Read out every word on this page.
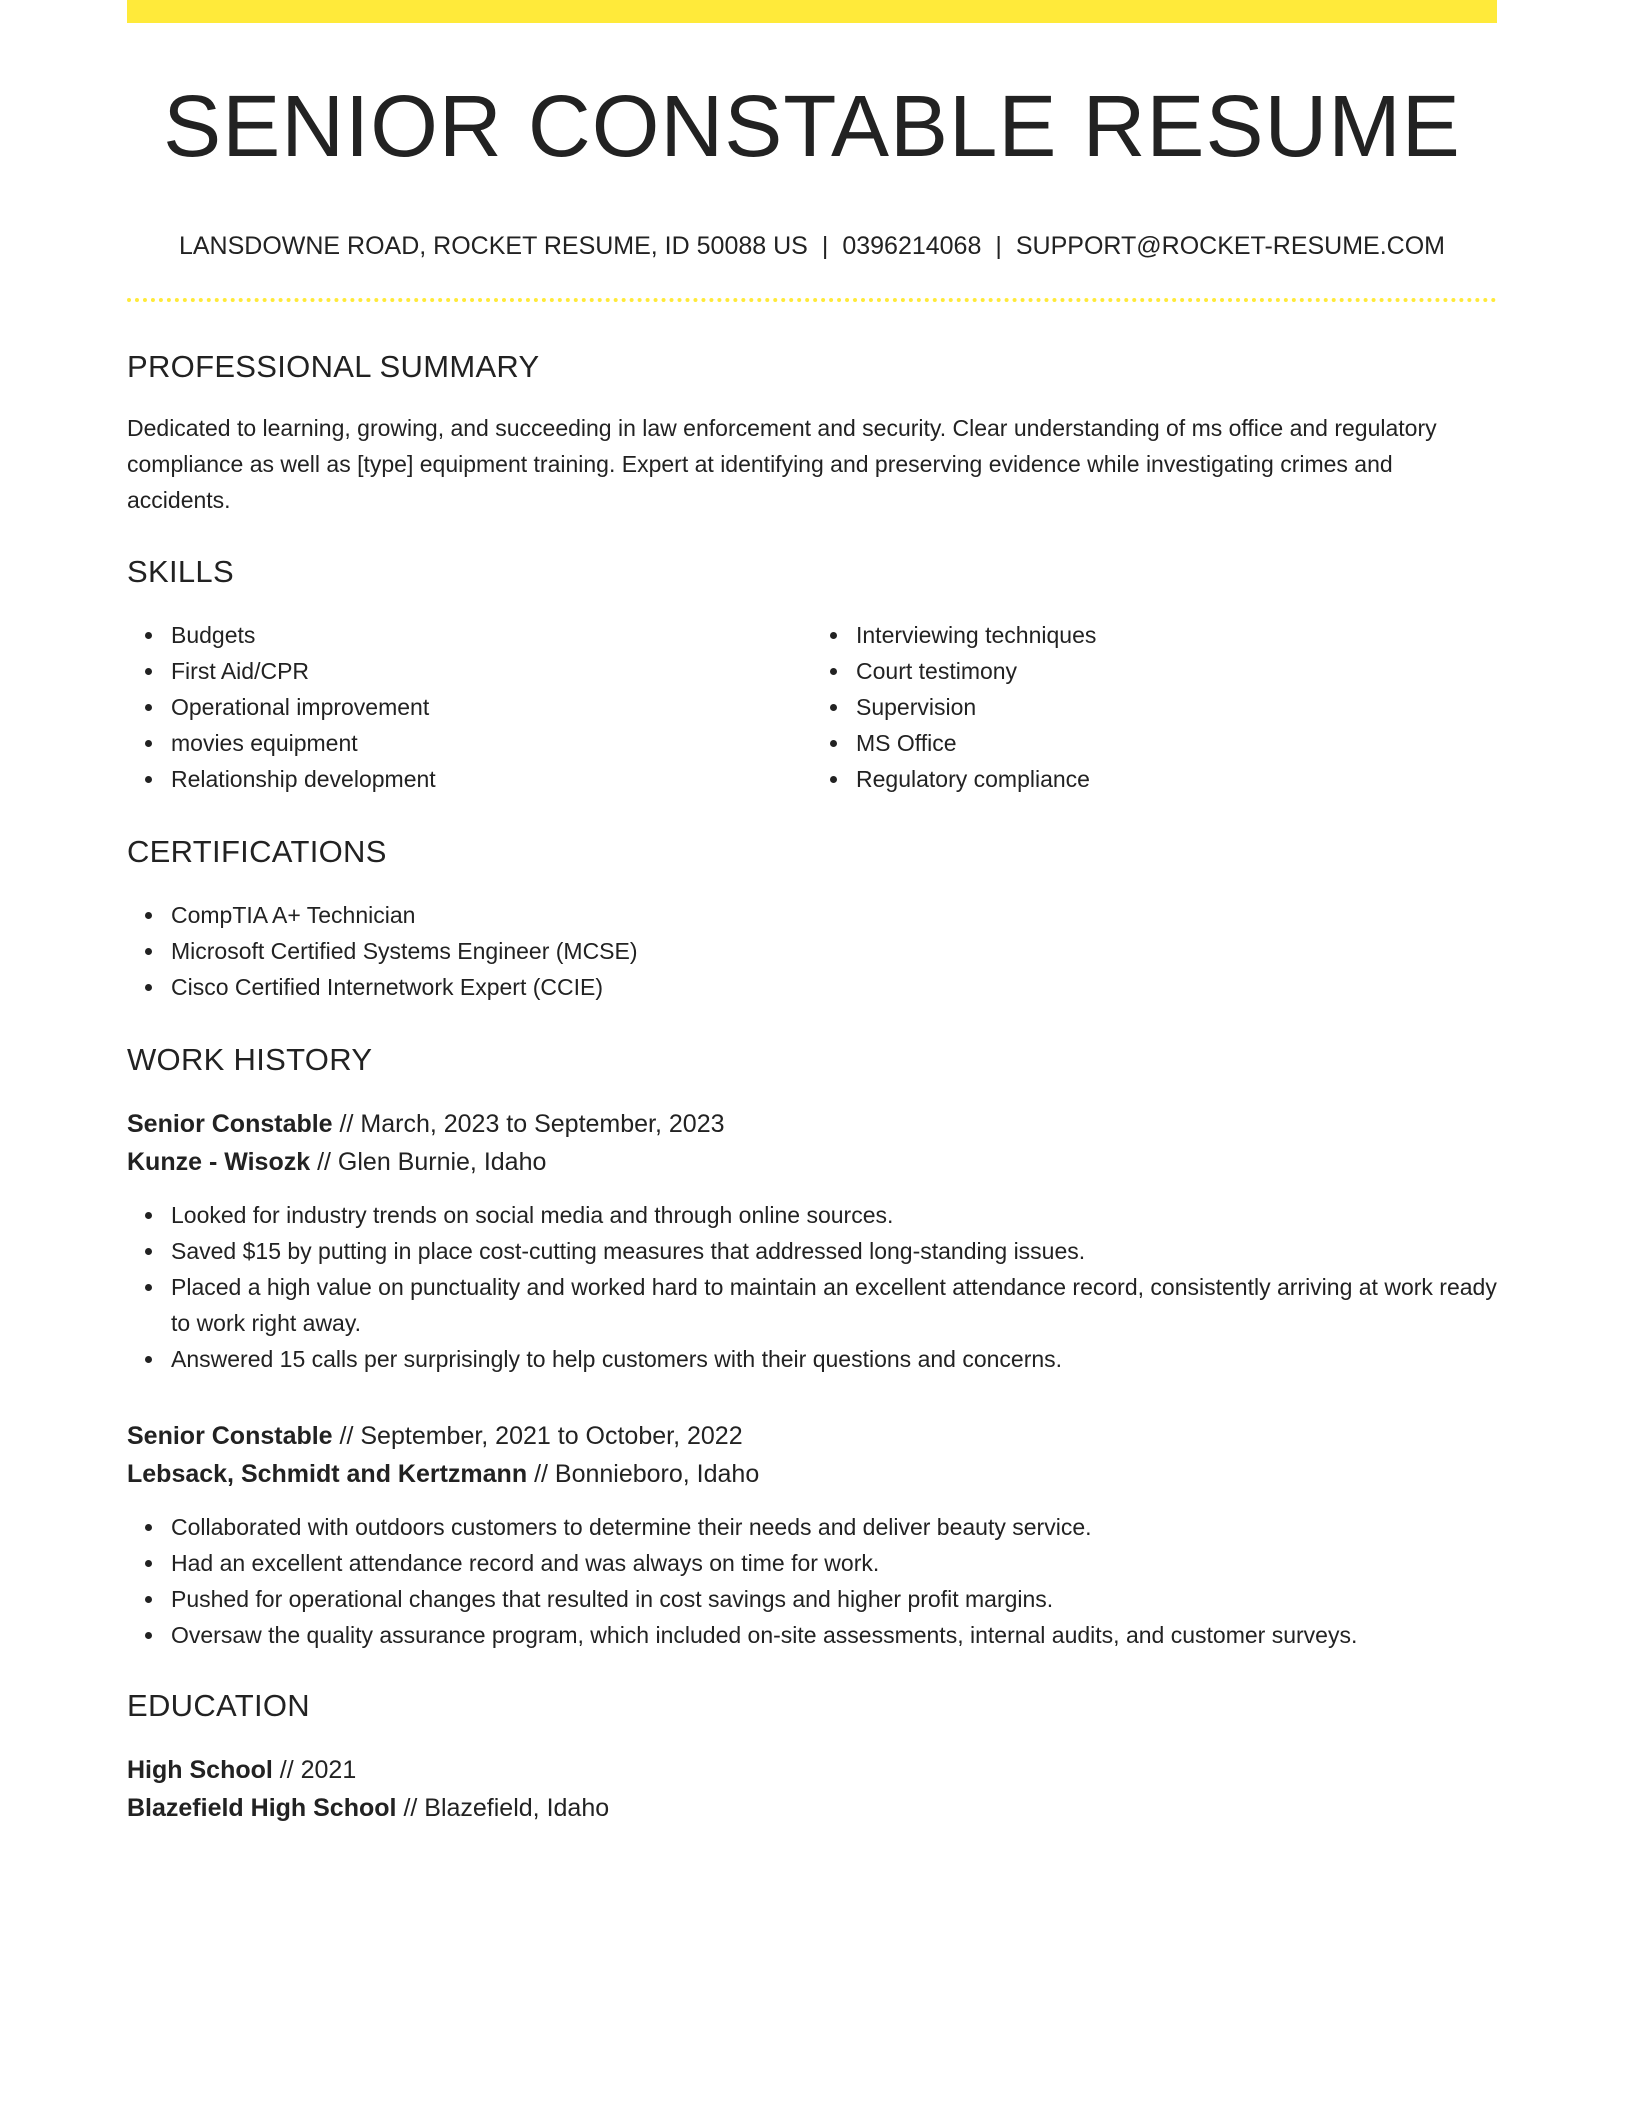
SENIOR CONSTABLE RESUME
LANSDOWNE ROAD, ROCKET RESUME, ID 50088 US | 0396214068 | SUPPORT@ROCKET-RESUME.COM
PROFESSIONAL SUMMARY

Dedicated to learning, growing, and succeeding in law enforcement and security. Clear understanding of ms office and regulatory compliance as well as [type] equipment training. Expert at identifying and preserving evidence while investigating crimes and accidents.

SKILLS
Budgets
First Aid/CPR
Operational improvement
movies equipment
Relationship development
Interviewing techniques
Court testimony
Supervision
MS Office
Regulatory compliance
CERTIFICATIONS
CompTIA A+ Technician
Microsoft Certified Systems Engineer (MCSE)
Cisco Certified Internetwork Expert (CCIE)
WORK HISTORY
Senior Constable // March, 2023 to September, 2023
Kunze - Wisozk // Glen Burnie, Idaho
Looked for industry trends on social media and through online sources.
Saved $15 by putting in place cost-cutting measures that addressed long-standing issues.
Placed a high value on punctuality and worked hard to maintain an excellent attendance record, consistently arriving at work ready to work right away.
Answered 15 calls per surprisingly to help customers with their questions and concerns.
Senior Constable // September, 2021 to October, 2022
Lebsack, Schmidt and Kertzmann // Bonnieboro, Idaho
Collaborated with outdoors customers to determine their needs and deliver beauty service.
Had an excellent attendance record and was always on time for work.
Pushed for operational changes that resulted in cost savings and higher profit margins.
Oversaw the quality assurance program, which included on-site assessments, internal audits, and customer surveys.
EDUCATION
High School // 2021
Blazefield High School // Blazefield, Idaho
